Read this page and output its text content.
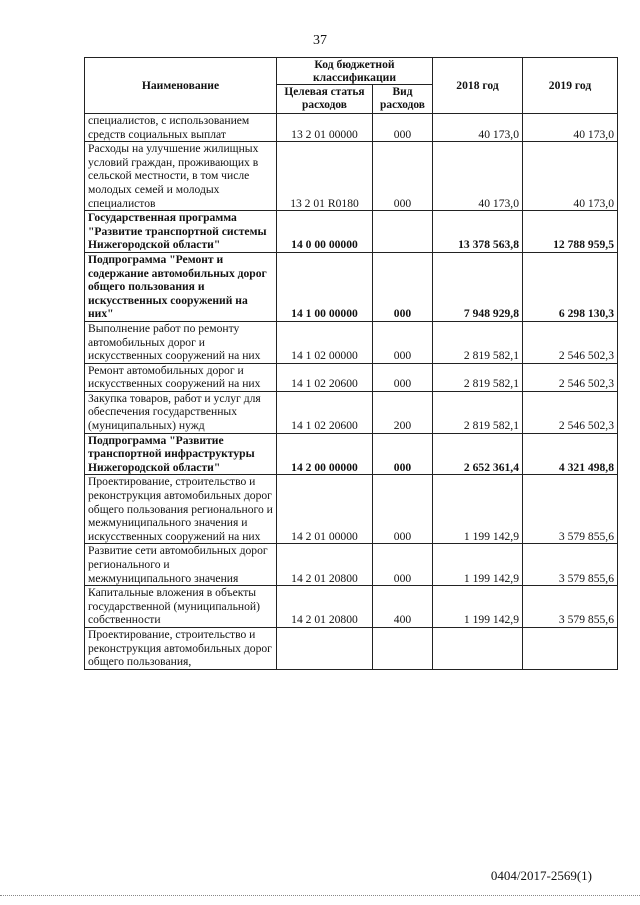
37
Наименование	Код бюджетной классификации		2018 год	2019 год
	Целевая статья расходов	Вид расходов		
специалистов, с использованием средств социальных выплат	13 2 01 00000	000	40 173,0	40 173,0
Расходы на улучшение жилищных условий граждан, проживающих в сельской местности, в том числе молодых семей и молодых специалистов	13 2 01 R0180	000	40 173,0	40 173,0
Государственная программа "Развитие транспортной системы Нижегородской области"	14 0 00 00000		13 378 563,8	12 788 959,5
Подпрограмма "Ремонт и содержание автомобильных дорог общего пользования и искусственных сооружений на них"	14 1 00 00000	000	7 948 929,8	6 298 130,3
Выполнение работ по ремонту автомобильных дорог и искусственных сооружений на них	14 1 02 00000	000	2 819 582,1	2 546 502,3
Ремонт автомобильных дорог и искусственных сооружений на них	14 1 02 20600	000	2 819 582,1	2 546 502,3
Закупка товаров, работ и услуг для обеспечения государственных (муниципальных) нужд	14 1 02 20600	200	2 819 582,1	2 546 502,3
Подпрограмма "Развитие транспортной инфраструктуры Нижегородской области"	14 2 00 00000	000	2 652 361,4	4 321 498,8
Проектирование, строительство и реконструкция автомобильных дорог общего пользования регионального и межмуниципального значения и искусственных сооружений на них	14 2 01 00000	000	1 199 142,9	3 579 855,6
Развитие сети автомобильных дорог регионального и межмуниципального значения	14 2 01 20800	000	1 199 142,9	3 579 855,6
Капитальные вложения в объекты государственной (муниципальной) собственности	14 2 01 20800	400	1 199 142,9	3 579 855,6
Проектирование, строительство и реконструкция автомобильных дорог общего пользования,				
0404/2017-2569(1)
